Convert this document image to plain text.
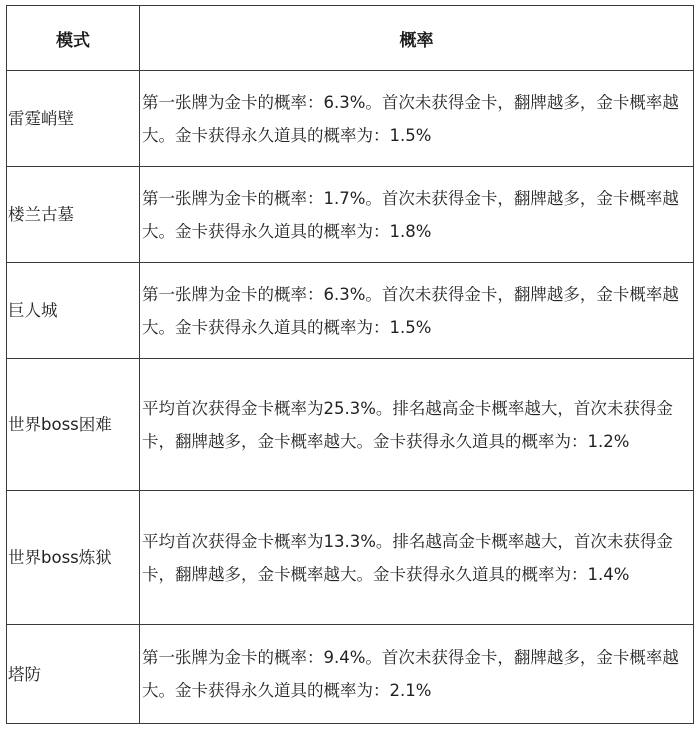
模式	概率
雷霆峭壁	第一张牌为金卡的概率：6.3%。首次未获得金卡，翻牌越多，金卡概率越大。金卡获得永久道具的概率为：1.5%
楼兰古墓	第一张牌为金卡的概率：1.7%。首次未获得金卡，翻牌越多，金卡概率越大。金卡获得永久道具的概率为：1.8%
巨人城	第一张牌为金卡的概率：6.3%。首次未获得金卡，翻牌越多，金卡概率越大。金卡获得永久道具的概率为：1.5%
世界boss困难	平均首次获得金卡概率为25.3%。排名越高金卡概率越大，首次未获得金卡，翻牌越多，金卡概率越大。金卡获得永久道具的概率为：1.2%
世界boss炼狱	平均首次获得金卡概率为13.3%。排名越高金卡概率越大，首次未获得金卡，翻牌越多，金卡概率越大。金卡获得永久道具的概率为：1.4%
塔防	第一张牌为金卡的概率：9.4%。首次未获得金卡，翻牌越多，金卡概率越大。金卡获得永久道具的概率为：2.1%
